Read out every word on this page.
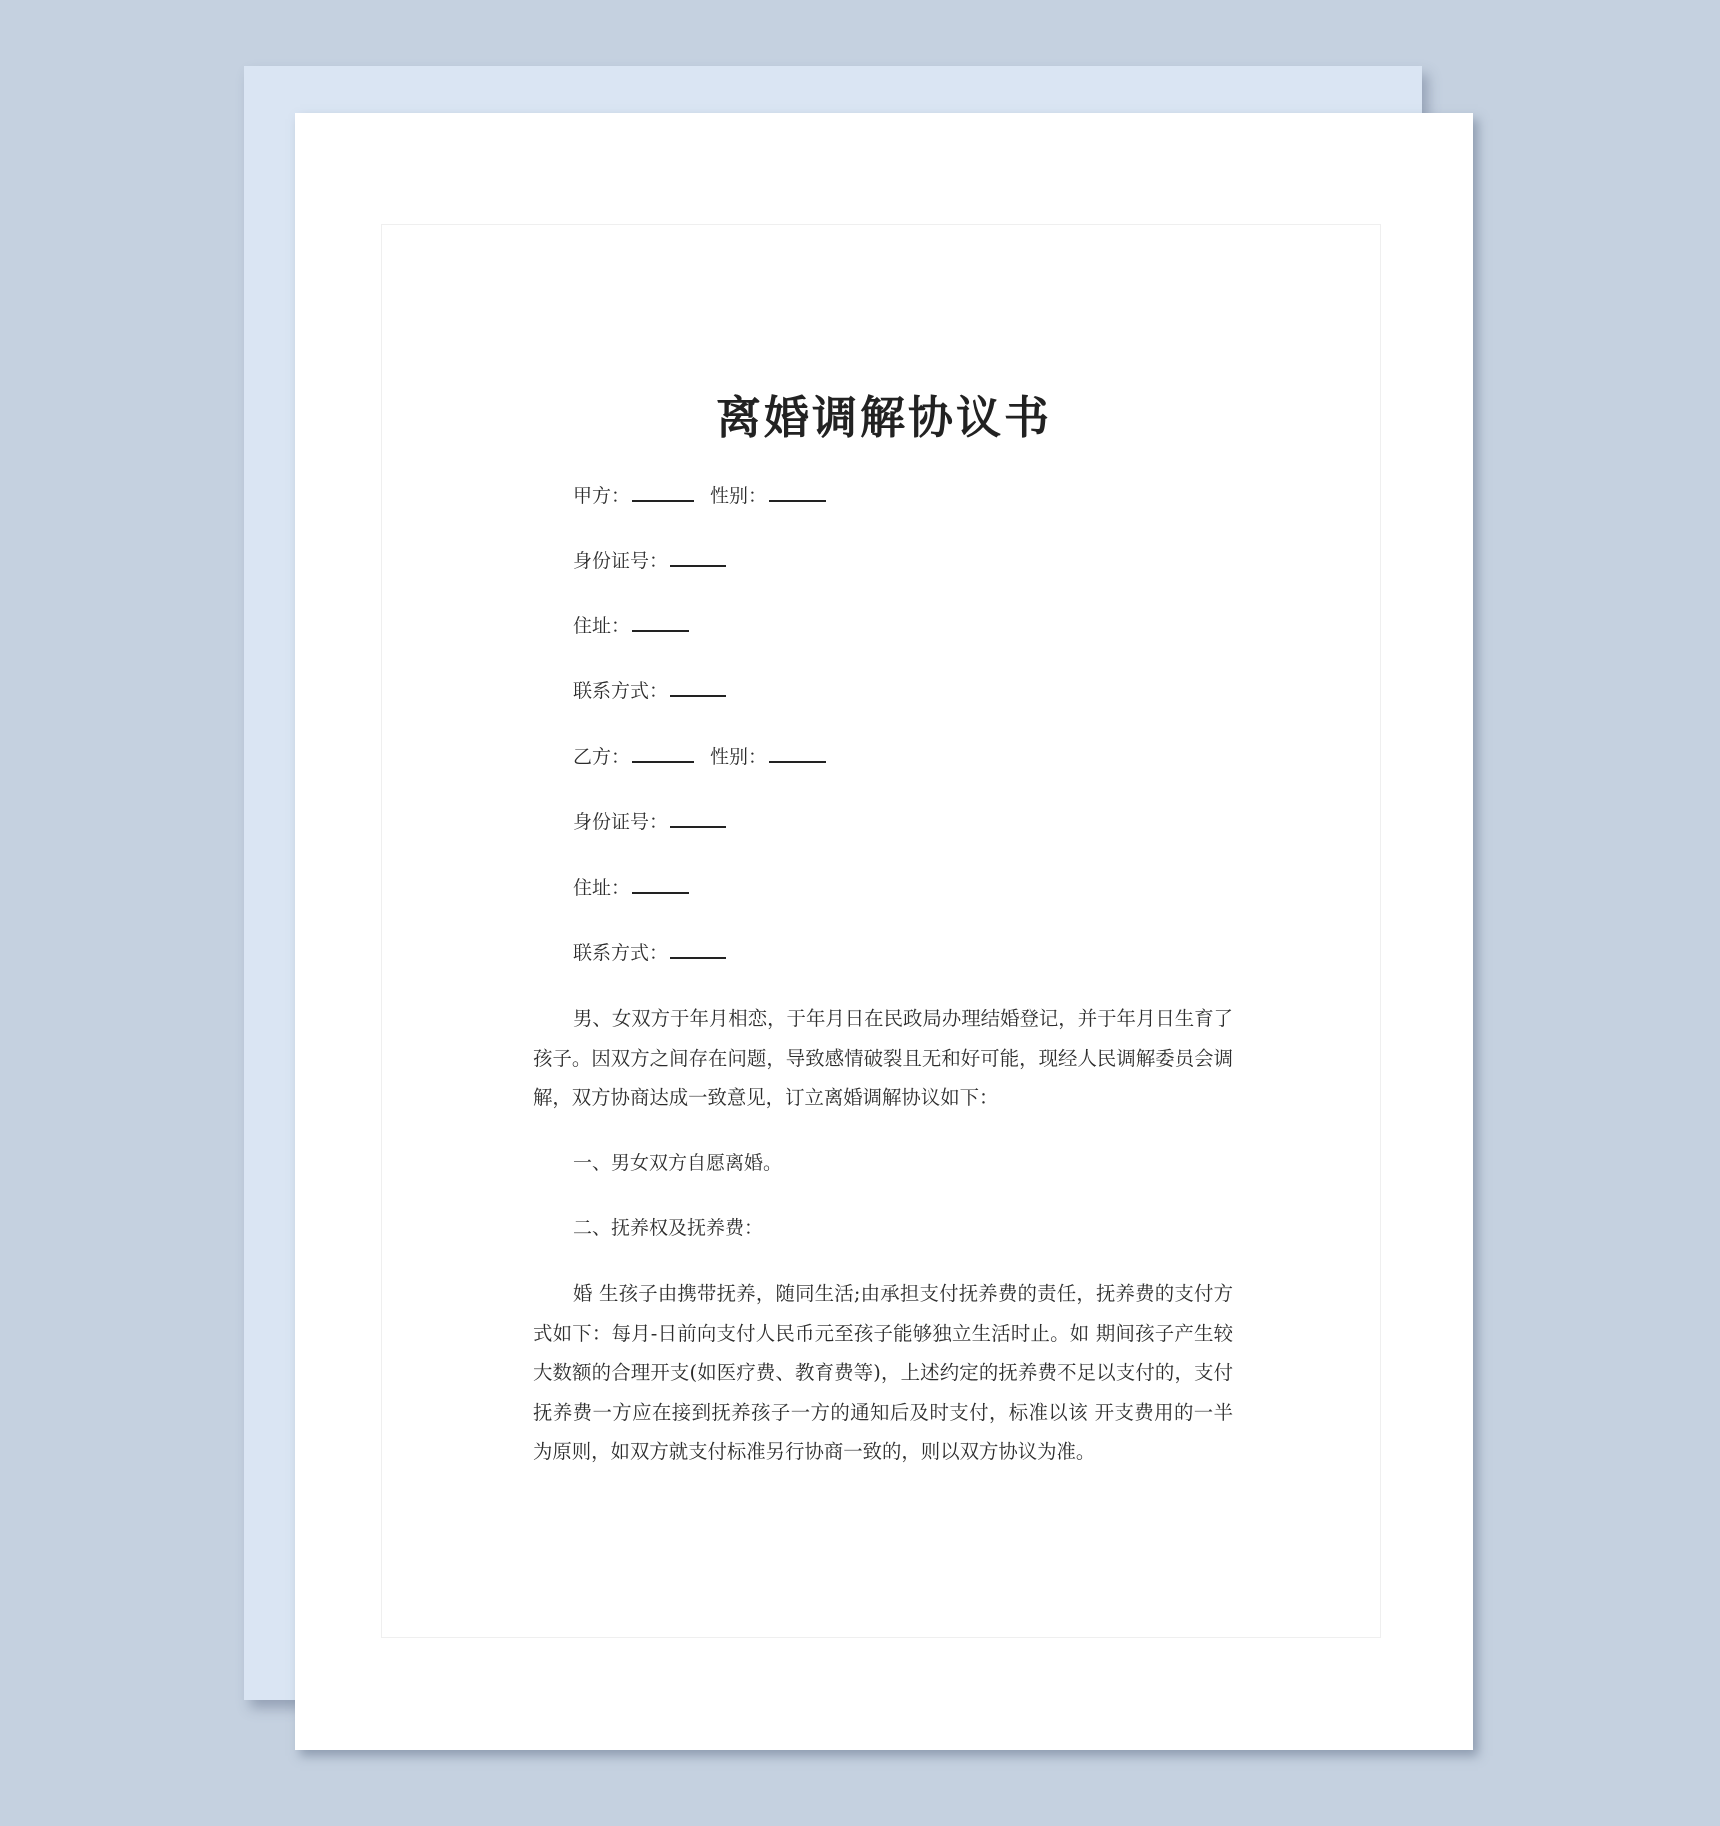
离婚调解协议书
甲方：	性别：
身份证号：
住址：
联系方式：
乙方：	性别：
身份证号：
住址：
联系方式：
男、女双方于年月相恋，于年月日在民政局办理结婚登记，并于年月日生育了孩子。因双方之间存在问题，导致感情破裂且无和好可能，现经人民调解委员会调解，双方协商达成一致意见，订立离婚调解协议如下：
一、男女双方自愿离婚。
二、抚养权及抚养费：
婚 生孩子由携带抚养，随同生活;由承担支付抚养费的责任，抚养费的支付方式如下：每月-日前向支付人民币元至孩子能够独立生活时止。如 期间孩子产生较大数额的合理开支(如医疗费、教育费等)，上述约定的抚养费不足以支付的，支付抚养费一方应在接到抚养孩子一方的通知后及时支付，标准以该 开支费用的一半为原则，如双方就支付标准另行协商一致的，则以双方协议为准。
